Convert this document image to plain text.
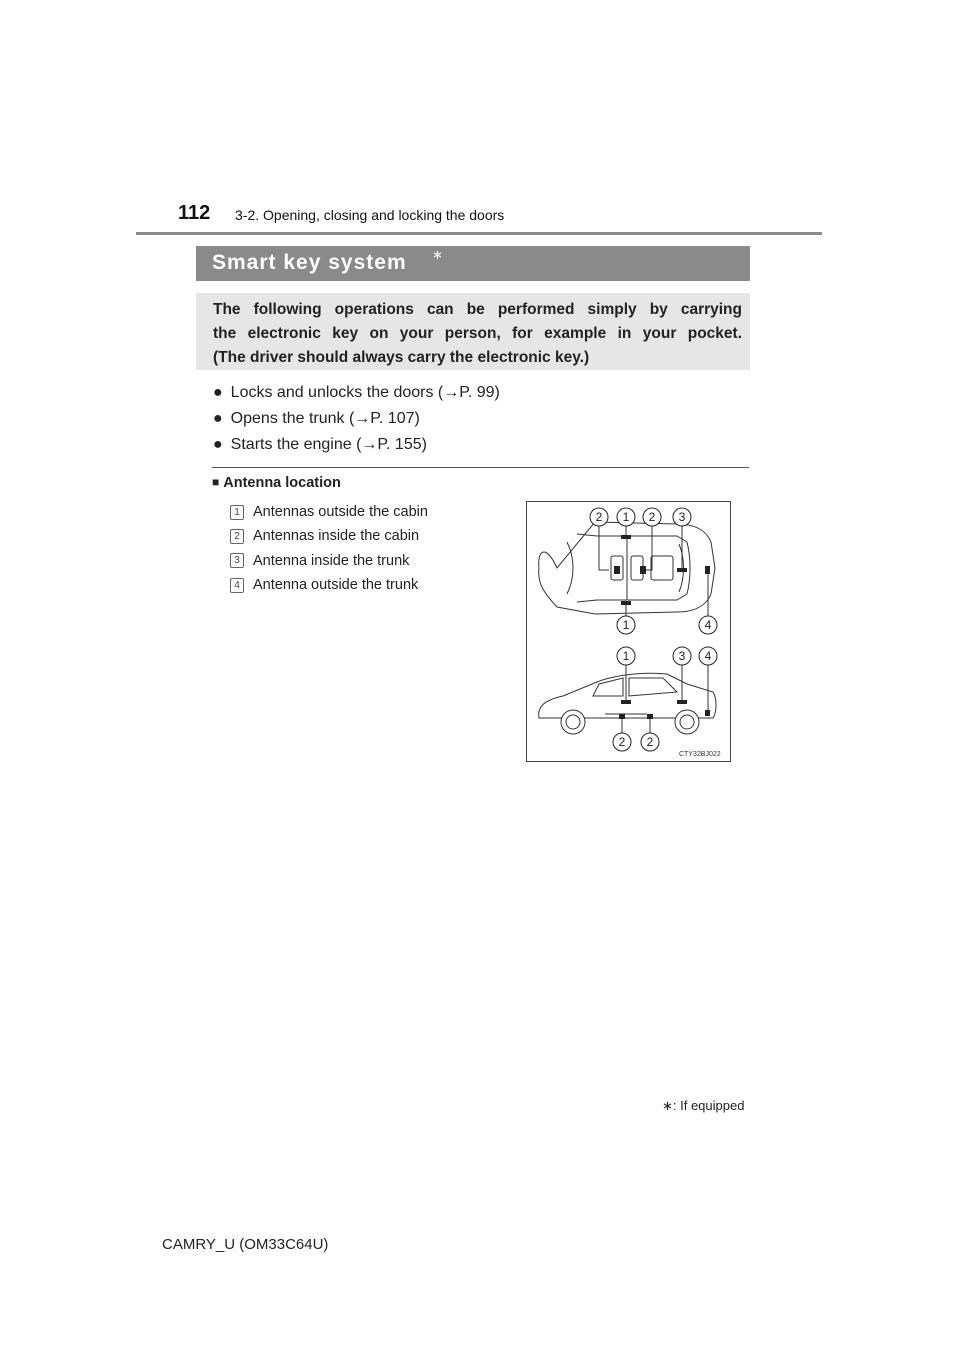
112 3-2. Opening, closing and locking the doors
Smart key system ∗
The following operations can be performed simply by carrying
the electronic key on your person, for example in your pocket.
(The driver should always carry the electronic key.)
● Locks and unlocks the doors (→P. 99)
● Opens the trunk (→P. 107)
● Starts the engine (→P. 155)
■ Antenna location
1 Antennas outside the cabin
2 Antennas inside the cabin
3 Antenna inside the trunk
4 Antenna outside the trunk
2 1 2 3
1	4
1	3 4
2 2
CTY32BJ022
∗: If equipped
CAMRY_U (OM33C64U)
